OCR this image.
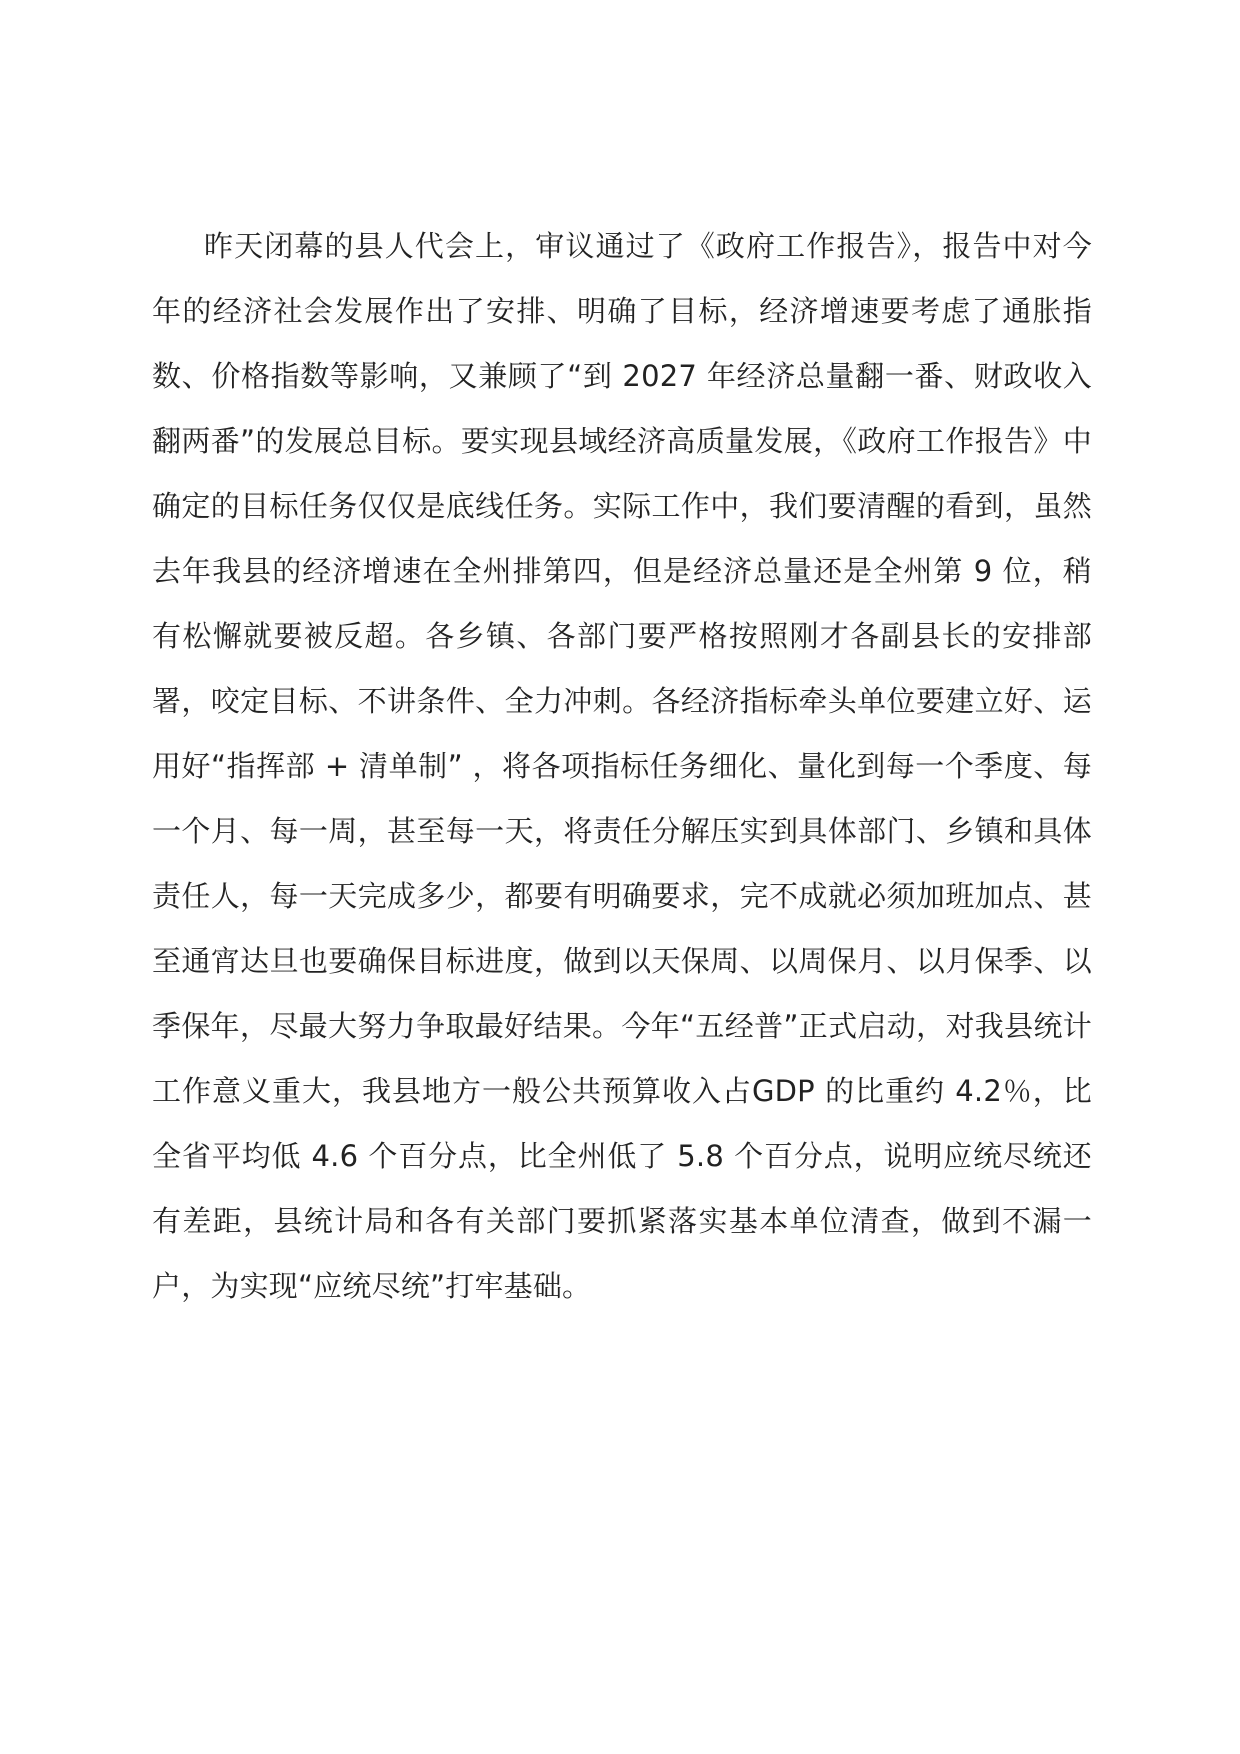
昨天闭幕的县人代会上，审议通过了《政府工作报告》，报告中对今年的经济社会发展作出了安排、明确了目标，经济增速要考虑了通胀指数、价格指数等影响，又兼顾了“到 2027 年经济总量翻一番、财政收入翻两番”的发展总目标。要实现县域经济高质量发展，《政府工作报告》中确定的目标任务仅仅是底线任务。实际工作中，我们要清醒的看到，虽然去年我县的经济增速在全州排第四，但是经济总量还是全州第 9 位，稍有松懈就要被反超。各乡镇、各部门要严格按照刚才各副县长的安排部署，咬定目标、不讲条件、全力冲刺。各经济指标牵头单位要建立好、运用好“指挥部 + 清单制” ，将各项指标任务细化、量化到每一个季度、每一个月、每一周，甚至每一天，将责任分解压实到具体部门、乡镇和具体责任人，每一天完成多少，都要有明确要求，完不成就必须加班加点、甚至通宵达旦也要确保目标进度，做到以天保周、以周保月、以月保季、以季保年，尽最大努力争取最好结果。今年“五经普”正式启动，对我县统计工作意义重大，我县地方一般公共预算收入占GDP 的比重约 4.2％，比全省平均低 4.6 个百分点，比全州低了 5.8 个百分点，说明应统尽统还有差距，县统计局和各有关部门要抓紧落实基本单位清查，做到不漏一户，为实现“应统尽统”打牢基础。
